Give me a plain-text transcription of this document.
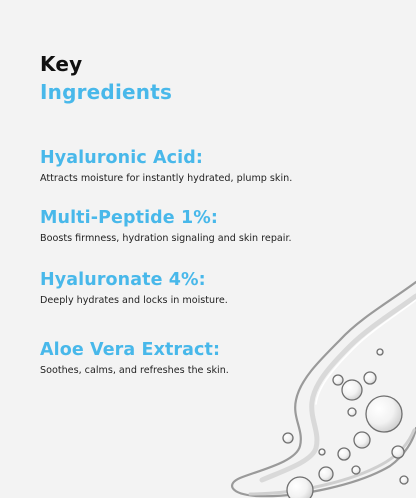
Key
Ingredients
Hyaluronic Acid:

Attracts moisture for instantly hydrated, plump skin.

Multi-Peptide 1%:

Boosts firmness, hydration signaling and skin repair.

Hyaluronate 4%:

Deeply hydrates and locks in moisture.

Aloe Vera Extract:

Soothes, calms, and refreshes the skin.
